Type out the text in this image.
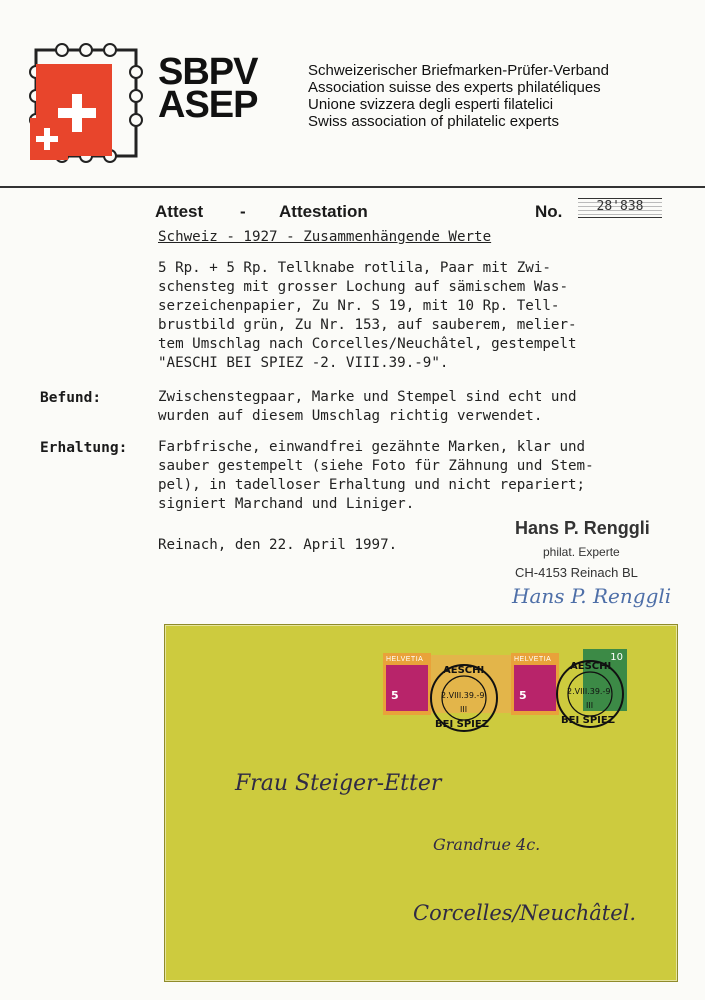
SBPV
ASEP
Schweizerischer Briefmarken-Prüfer-Verband
Association suisse des experts philatéliques
Unione svizzera degli esperti filatelici
Swiss association of philatelic experts
Attest - Attestation	No.	28'838
Schweiz - 1927 - Zusammenhängende Werte
5 Rp. + 5 Rp. Tellknabe rotlila, Paar mit Zwi-
schensteg mit grosser Lochung auf sämischem Was-
serzeichenpapier, Zu Nr. S 19, mit 10 Rp. Tell-
brustbild grün, Zu Nr. 153, auf sauberem, melier-
tem Umschlag nach Corcelles/Neuchâtel, gestempelt
"AESCHI BEI SPIEZ -2. VIII.39.-9".
Befund:	Zwischenstegpaar, Marke und Stempel sind echt und
wurden auf diesem Umschlag richtig verwendet.
Erhaltung: Farbfrische, einwandfrei gezähnte Marken, klar und
sauber gestempelt (siehe Foto für Zähnung und Stem-
pel), in tadelloser Erhaltung und nicht repariert;
signiert Marchand und Liniger.
Reinach, den 22. April 1997.
Hans P. Renggli
philat. Experte
CH-4153 Reinach BL
Hans P. Renggli
HELVETIA
5
HELVETIA
5
10
AESCHI
2.VIII.39.-9
III
BEI SPIEZ
AESCHI
2.VIII.39.-9
III
BEI SPIEZ
Frau Steiger-Etter
Grandrue 4c.
Corcelles/Neuchâtel.
